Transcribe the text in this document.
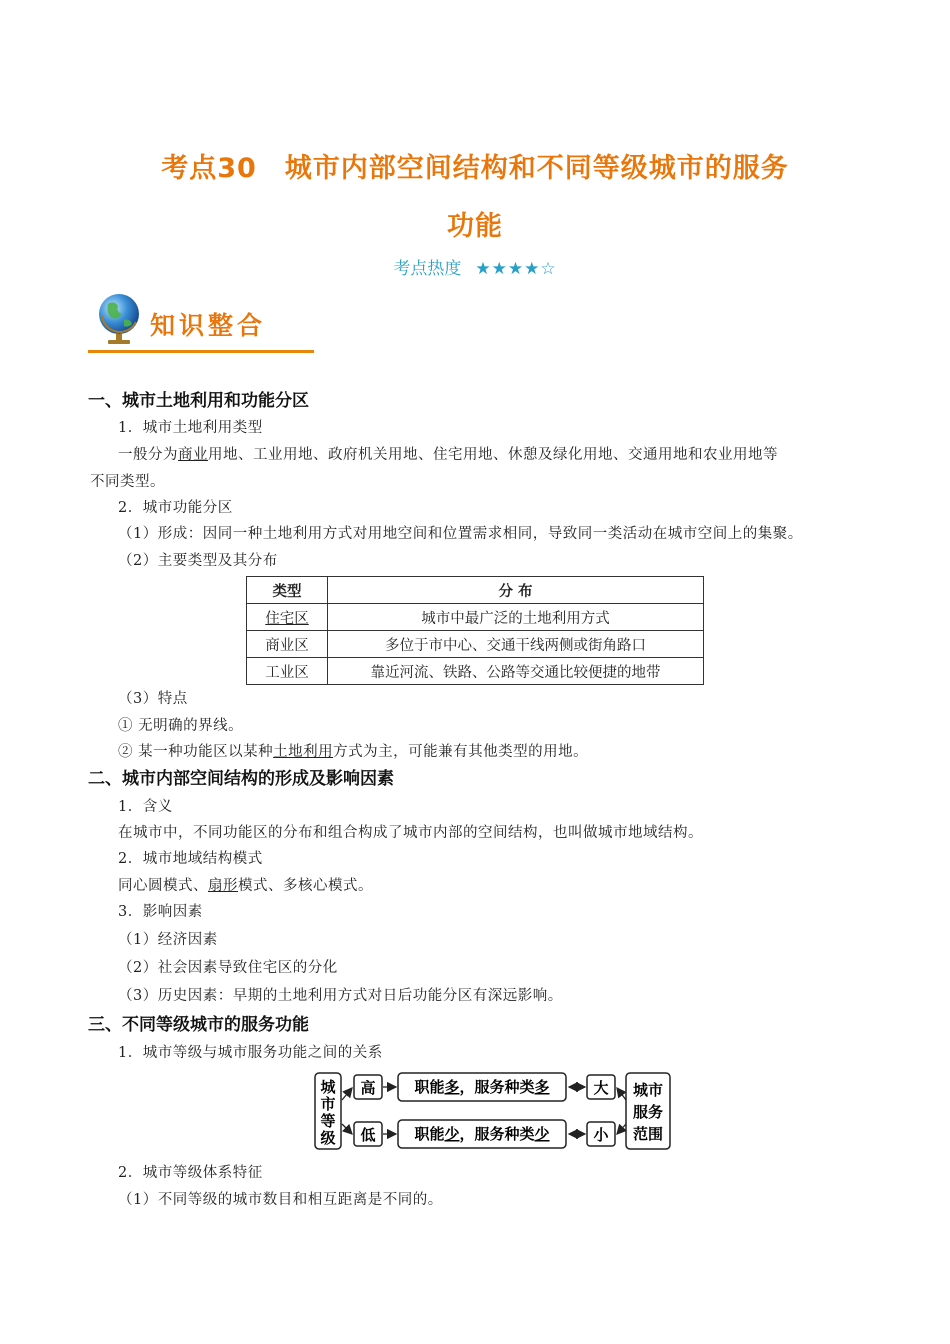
考点30　城市内部空间结构和不同等级城市的服务
功能
考点热度 ★★★★☆
知识整合
一、城市土地利用和功能分区
1．城市土地利用类型
一般分为商业用地、工业用地、政府机关用地、住宅用地、休憩及绿化用地、交通用地和农业用地等
不同类型。
2．城市功能分区
（1）形成：因同一种土地利用方式对用地空间和位置需求相同，导致同一类活动在城市空间上的集聚。
（2）主要类型及其分布
类型	分 布
住宅区	城市中最广泛的土地利用方式
商业区	多位于市中心、交通干线两侧或街角路口
工业区	靠近河流、铁路、公路等交通比较便捷的地带
（3）特点
① 无明确的界线。
② 某一种功能区以某种土地利用方式为主，可能兼有其他类型的用地。
二、城市内部空间结构的形成及影响因素
1．含义
在城市中，不同功能区的分布和组合构成了城市内部的空间结构，也叫做城市地域结构。
2．城市地域结构模式
同心圆模式、扇形模式、多核心模式。
3．影响因素
（1）经济因素
（2）社会因素导致住宅区的分化
（3）历史因素：早期的土地利用方式对日后功能分区有深远影响。
三、不同等级城市的服务功能
1．城市等级与城市服务功能之间的关系
城
市
等
级
高
低
职能多，服务种类多
职能少，服务种类少
大
小
城市
服务
范围
2．城市等级体系特征
（1）不同等级的城市数目和相互距离是不同的。
